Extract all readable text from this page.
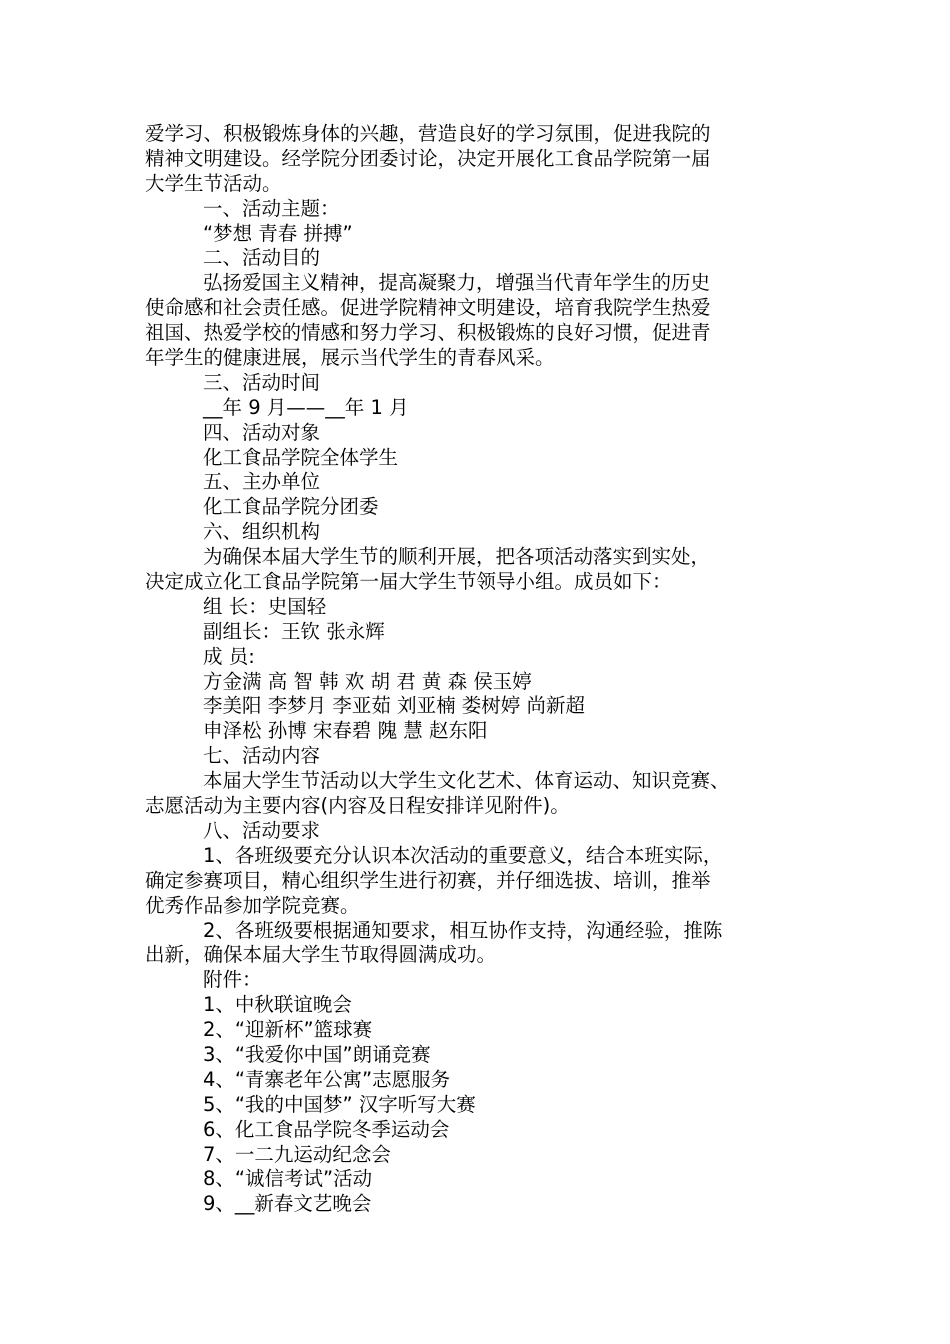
爱学习、积极锻炼身体的兴趣，营造良好的学习氛围，促进我院的
精神文明建设。经学院分团委讨论，决定开展化工食品学院第一届
大学生节活动。
一、活动主题：
“梦想 青春 拼搏”
二、活动目的
弘扬爱国主义精神，提高凝聚力，增强当代青年学生的历史
使命感和社会责任感。促进学院精神文明建设，培育我院学生热爱
祖国、热爱学校的情感和努力学习、积极锻炼的良好习惯，促进青
年学生的健康进展，展示当代学生的青春风采。
三、活动时间
__年 9 月——__年 1 月
四、活动对象
化工食品学院全体学生
五、主办单位
化工食品学院分团委
六、组织机构
为确保本届大学生节的顺利开展，把各项活动落实到实处，
决定成立化工食品学院第一届大学生节领导小组。成员如下：
组 长：史国轻
副组长：王钦 张永辉
成 员:
方金满 高 智 韩 欢 胡 君 黄 森 侯玉婷
李美阳 李梦月 李亚茹 刘亚楠 娄树婷 尚新超
申泽松 孙博 宋春碧 隗 慧 赵东阳
七、活动内容
本届大学生节活动以大学生文化艺术、体育运动、知识竞赛、
志愿活动为主要内容(内容及日程安排详见附件)。
八、活动要求
1、各班级要充分认识本次活动的重要意义，结合本班实际，
确定参赛项目，精心组织学生进行初赛，并仔细选拔、培训，推举
优秀作品参加学院竞赛。
2、各班级要根据通知要求，相互协作支持，沟通经验，推陈
出新，确保本届大学生节取得圆满成功。
附件：
1、中秋联谊晚会
2、“迎新杯”篮球赛
3、“我爱你中国”朗诵竞赛
4、“青寨老年公寓”志愿服务
5、“我的中国梦” 汉字听写大赛
6、化工食品学院冬季运动会
7、一二九运动纪念会
8、“诚信考试”活动
9、__新春文艺晚会
